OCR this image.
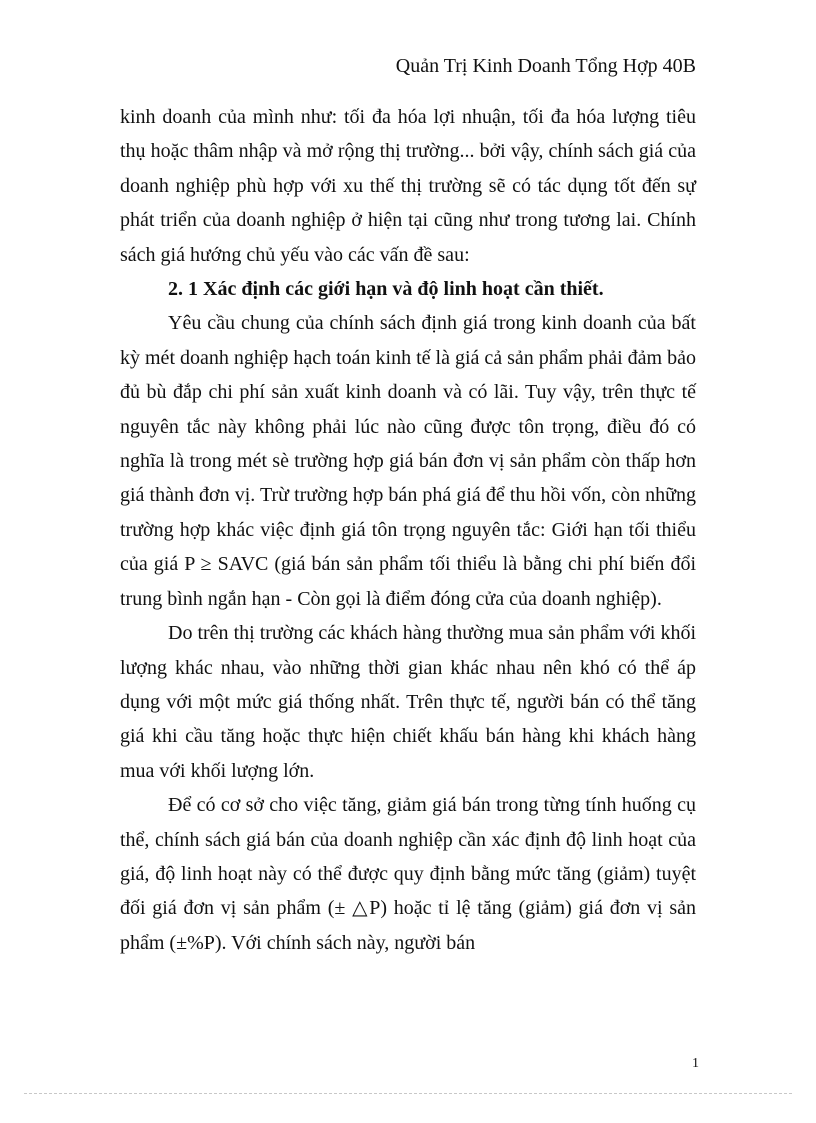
Quản Trị Kinh Doanh Tổng Hợp 40B

kinh doanh của mình như: tối đa hóa lợi nhuận, tối đa hóa lượng tiêu thụ hoặc thâm nhập và mở rộng thị trường... bởi vậy, chính sách giá của doanh nghiệp phù hợp với xu thế thị trường sẽ có tác dụng tốt đến sự phát triển của doanh nghiệp ở hiện tại cũng như trong tương lai. Chính sách giá hướng chủ yếu vào các vấn đề sau:

2. 1 Xác định các giới hạn và độ linh hoạt cần thiết.

Yêu cầu chung của chính sách định giá trong kinh doanh của bất kỳ mét doanh nghiệp hạch toán kinh tế là giá cả sản phẩm phải đảm bảo đủ bù đắp chi phí sản xuất kinh doanh và có lãi. Tuy vậy, trên thực tế nguyên tắc này không phải lúc nào cũng được tôn trọng, điều đó có nghĩa là trong mét sè trường hợp giá bán đơn vị sản phẩm còn thấp hơn giá thành đơn vị. Trừ trường hợp bán phá giá để thu hồi vốn, còn những trường hợp khác việc định giá tôn trọng nguyên tắc: Giới hạn tối thiểu của giá P ≥ SAVC (giá bán sản phẩm tối thiểu là bằng chi phí biến đổi trung bình ngắn hạn - Còn gọi là điểm đóng cửa của doanh nghiệp).

Do trên thị trường các khách hàng thường mua sản phẩm với khối lượng khác nhau, vào những thời gian khác nhau nên khó có thể áp dụng với một mức giá thống nhất. Trên thực tế, người bán có thể tăng giá khi cầu tăng hoặc thực hiện chiết khấu bán hàng khi khách hàng mua với khối lượng lớn.

Để có cơ sở cho việc tăng, giảm giá bán trong từng tính huống cụ thể, chính sách giá bán của doanh nghiệp cần xác định độ linh hoạt của giá, độ linh hoạt này có thể được quy định bằng mức tăng (giảm) tuyệt đối giá đơn vị sản phẩm (± △P) hoặc tỉ lệ tăng (giảm) giá đơn vị sản phẩm (±%P). Với chính sách này, người bán

1
